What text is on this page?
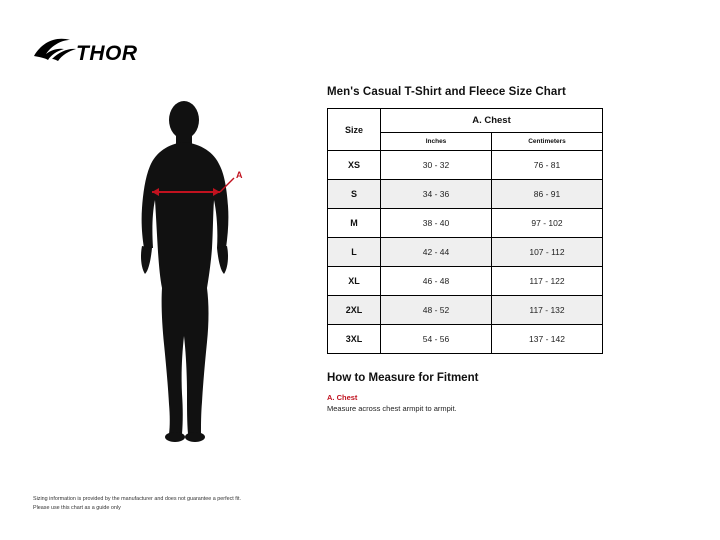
THOR
A
Men's Casual T-Shirt and Fleece Size Chart
Size	A. Chest	
	Inches	Centimeters
XS	30 - 32	76 - 81
S	34 - 36	86 - 91
M	38 - 40	97 - 102
L	42 - 44	107 - 112
XL	46 - 48	117 - 122
2XL	48 - 52	117 - 132
3XL	54 - 56	137 - 142
How to Measure for Fitment

A. Chest

Measure across chest armpit to armpit.

Sizing information is provided by the manufacturer and does not guarantee a perfect fit.
Please use this chart as a guide only
